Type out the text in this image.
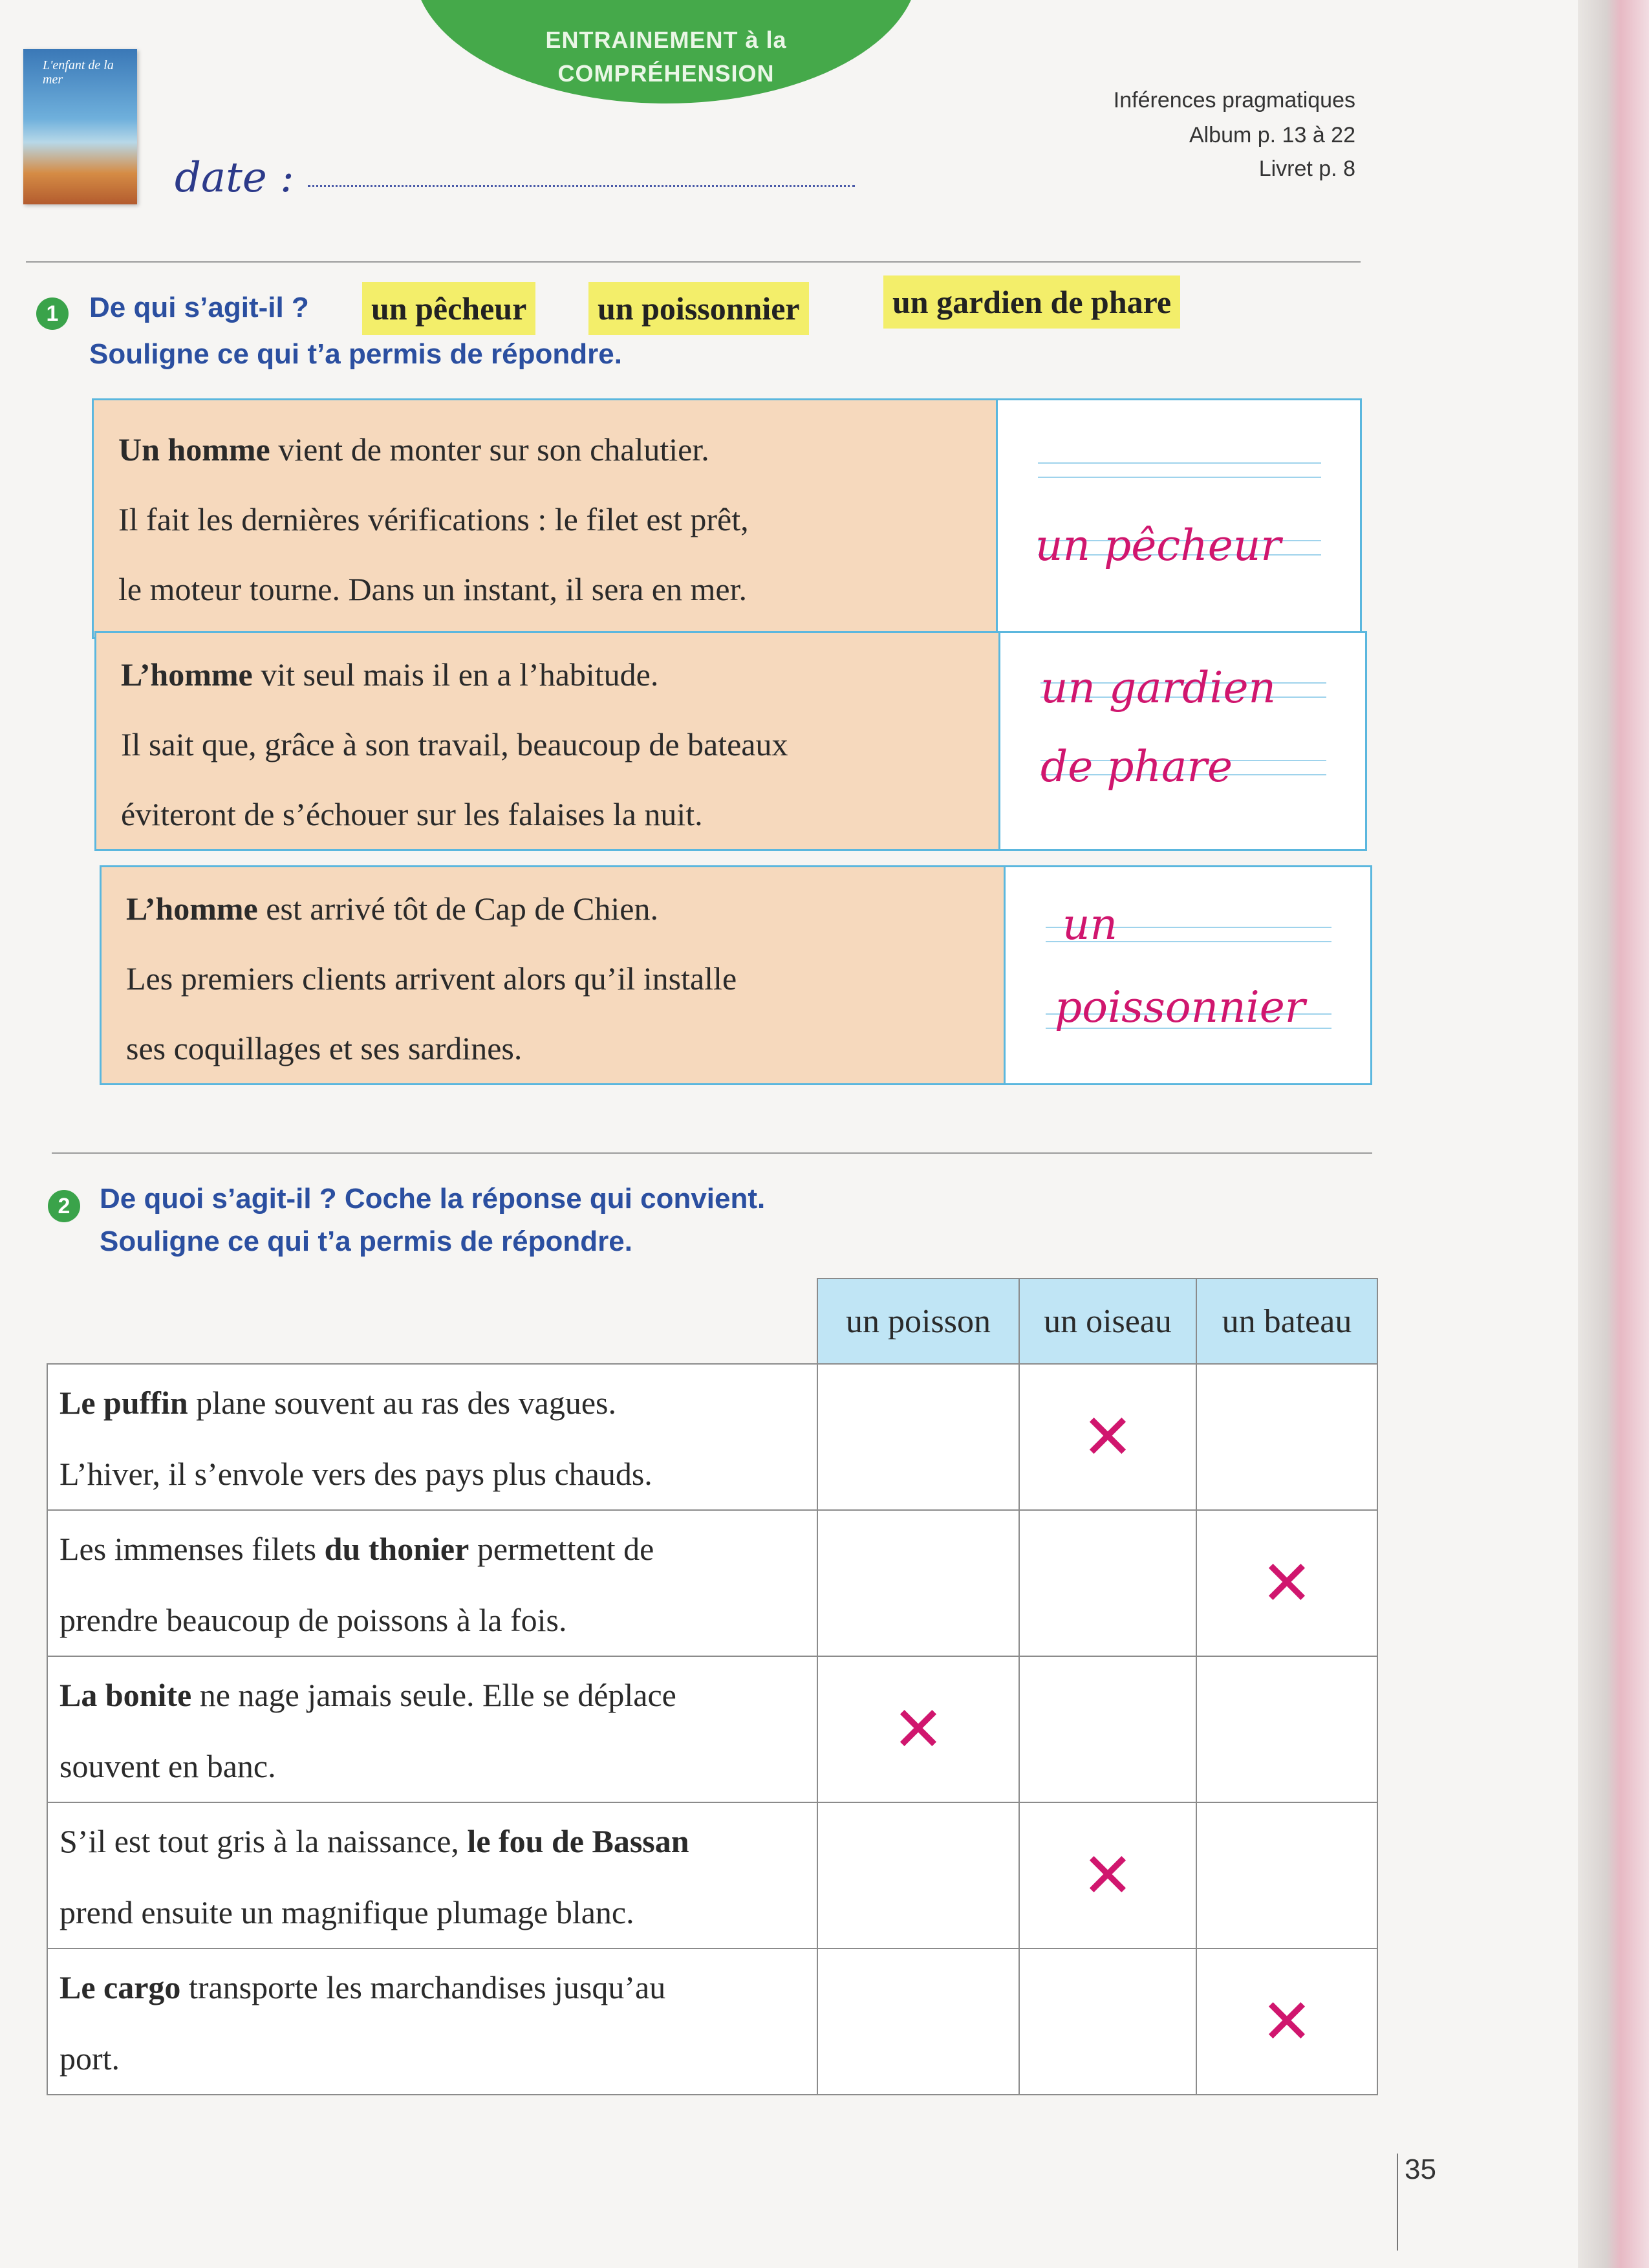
ENTRAINEMENT à la
COMPRÉHENSION
L'enfant de la mer
date :
Inférences pragmatiques
Album p. 13 à 22
Livret p. 8
1	De qui s’agit-il ? un pêcheur un poissonnier	un gardien de phare
Souligne ce qui t’a permis de répondre.
Un homme vient de monter sur son chalutier.
Il fait les dernières vérifications : le filet est prêt,
le moteur tourne. Dans un instant, il sera en mer.
un pêcheur
L’homme vit seul mais il en a l’habitude.
Il sait que, grâce à son travail, beaucoup de bateaux
éviteront de s’échouer sur les falaises la nuit.
un gardien
de phare
L’homme est arrivé tôt de Cap de Chien.
Les premiers clients arrivent alors qu’il installe
ses coquillages et ses sardines.
un
poissonnier
2	De quoi s’agit-il ? Coche la réponse qui convient.
Souligne ce qui t’a permis de répondre.
	un poisson	un oiseau	un bateau

Le puffin plane souvent au ras des vagues.
L’hiver, il s’envole vers des pays plus chauds.		✕	

Les immenses filets du thonier permettent de
prendre beaucoup de poissons à la fois.			✕

La bonite ne nage jamais seule. Elle se déplace
souvent en banc.	✕		

S’il est tout gris à la naissance, le fou de Bassan
prend ensuite un magnifique plumage blanc.		✕	

Le cargo transporte les marchandises jusqu’au
port.			✕
35
